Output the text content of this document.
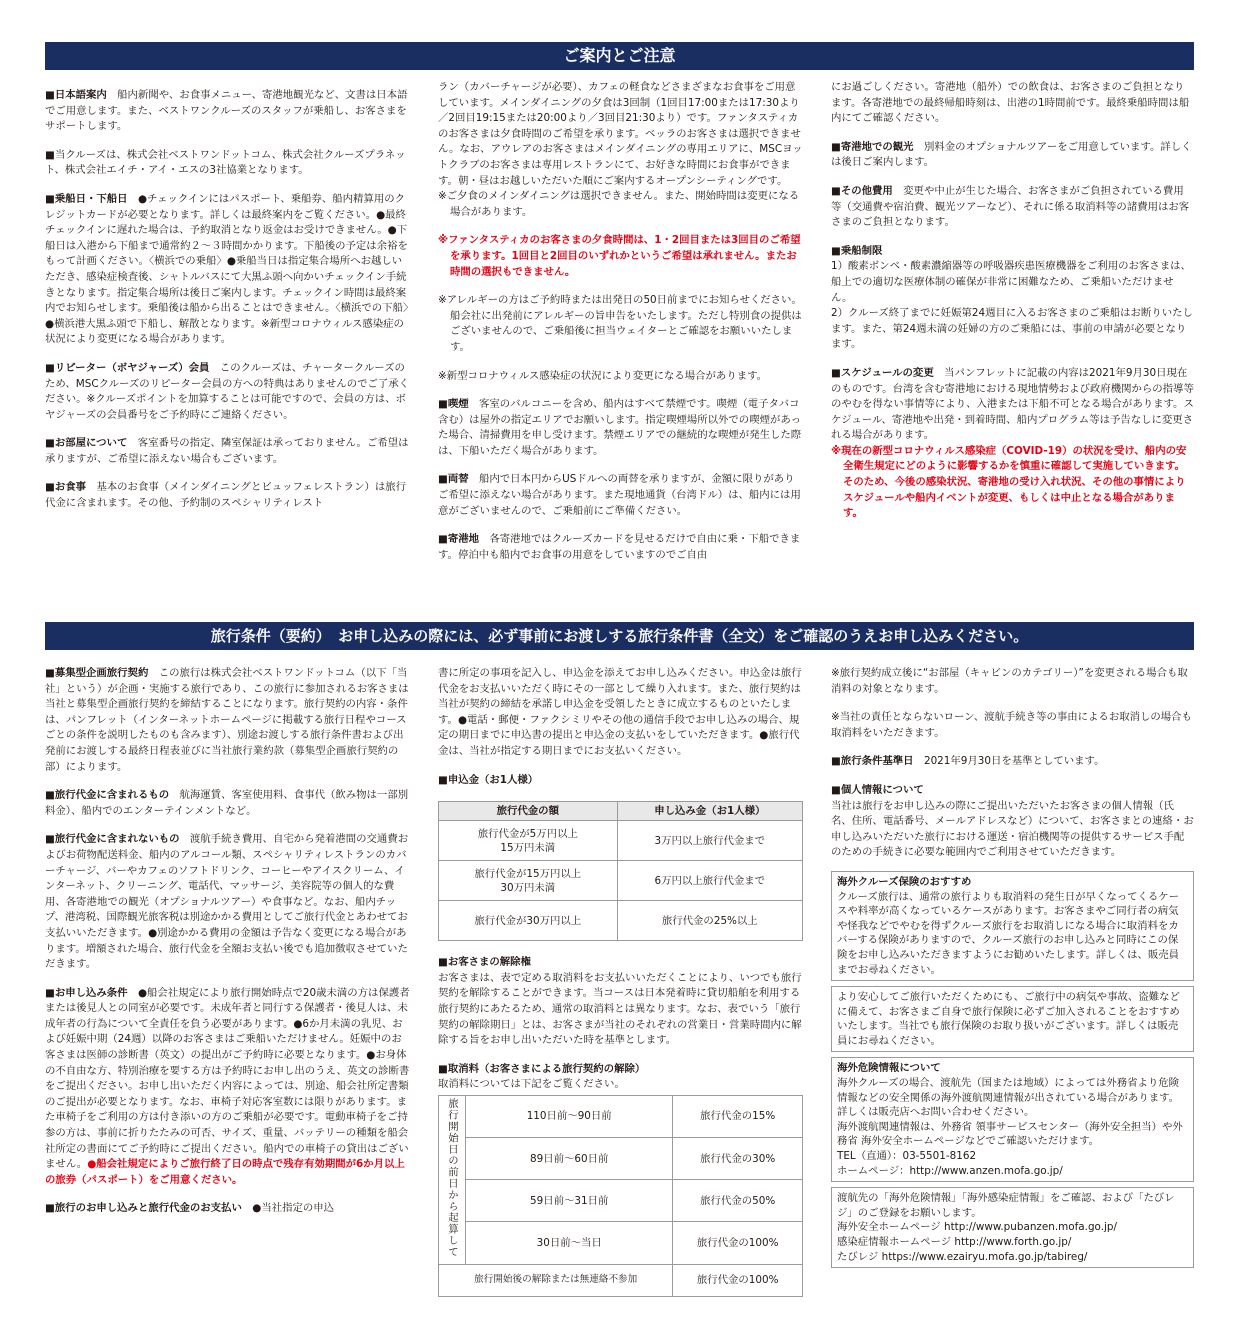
ご案内とご注意

■日本語案内　船内新聞や、お食事メニュー、寄港地観光など、文書は日本語でご用意します。また、ベストワンクルーズのスタッフが乗船し、お客さまをサポートします。

■当クルーズは、株式会社ベストワンドットコム、株式会社クルーズプラネット、株式会社エイチ・アイ・エスの3社協業となります。

■乗船日・下船日　●チェックインにはパスポート、乗船券、船内精算用のクレジットカードが必要となります。詳しくは最終案内をご覧ください。●最終チェックインに遅れた場合は、予約取消となり返金はお受けできません。●下船日は入港から下船まで通常約２～３時間かかります。下船後の予定は余裕をもって計画ください。〈横浜での乗船〉●乗船当日は指定集合場所へお越しいただき、感染症検査後、シャトルバスにて大黒ふ頭へ向かいチェックイン手続きとなります。指定集合場所は後日ご案内します。チェックイン時間は最終案内でお知らせします。乗船後は船から出ることはできません。〈横浜での下船〉●横浜港大黒ふ頭で下船し、解散となります。※新型コロナウィルス感染症の状況により変更になる場合があります。

■リピーター（ボヤジャーズ）会員　このクルーズは、チャータークルーズのため、MSCクルーズのリピーター会員の方への特典はありませんのでご了承ください。※クルーズポイントを加算することは可能ですので、会員の方は、ボヤジャーズの会員番号をご予約時にご連絡ください。

■お部屋について　客室番号の指定、隣室保証は承っておりません。ご希望は承りますが、ご希望に添えない場合もございます。

■お食事　基本のお食事（メインダイニングとビュッフェレストラン）は旅行代金に含まれます。その他、予約制のスペシャリティレスト

ラン（カバーチャージが必要）、カフェの軽食などさまざまなお食事をご用意しています。メインダイニングの夕食は3回制（1回目17:00または17:30より／2回目19:15または20:00より／3回目21:30より）です。ファンタスティカのお客さまは夕食時間のご希望を承ります。ベッラのお客さまは選択できません。なお、アウレアのお客さまはメインダイニングの専用エリアに、MSCヨットクラブのお客さまは専用レストランにて、お好きな時間にお食事ができます。朝・昼はお越しいただいた順にご案内するオープンシーティングです。

※ご夕食のメインダイニングは選択できません。また、開始時間は変更になる場合があります。

※ファンタスティカのお客さまの夕食時間は、1・2回目または3回目のご希望を承ります。1回目と2回目のいずれかというご希望は承れません。またお時間の選択もできません。

※アレルギーの方はご予約時または出発日の50日前までにお知らせください。船会社に出発前にアレルギーの旨申告をいたします。ただし特別食の提供はございませんので、ご乗船後に担当ウェイターとご確認をお願いいたします。

※新型コロナウィルス感染症の状況により変更になる場合があります。

■喫煙　客室のバルコニーを含め、船内はすべて禁煙です。喫煙（電子タバコ含む）は屋外の指定エリアでお願いします。指定喫煙場所以外での喫煙があった場合、清掃費用を申し受けます。禁煙エリアでの継続的な喫煙が発生した際は、下船いただく場合があります。

■両替　船内で日本円からUSドルへの両替を承りますが、金額に限りがありご希望に添えない場合があります。また現地通貨（台湾ドル）は、船内には用意がございませんので、ご乗船前にご準備ください。

■寄港地　各寄港地ではクルーズカードを見せるだけで自由に乗・下船できます。停泊中も船内でお食事の用意をしていますのでご自由

にお過ごしください。寄港地（船外）での飲食は、お客さまのご負担となります。各寄港地での最終帰船時刻は、出港の1時間前です。最終乗船時間は船内にてご確認ください。

■寄港地での観光　別料金のオプショナルツアーをご用意しています。詳しくは後日ご案内します。

■その他費用　変更や中止が生じた場合、お客さまがご負担されている費用等（交通費や宿泊費、観光ツアーなど）、それに係る取消料等の諸費用はお客さまのご負担となります。

■乗船制限

1）酸素ボンベ・酸素濃縮器等の呼吸器疾患医療機器をご利用のお客さまは、船上での適切な医療体制の確保が非常に困難なため、ご乗船いただけません。

2）クルーズ終了までに妊娠第24週目に入るお客さまのご乗船はお断りいたします。また、第24週未満の妊婦の方のご乗船には、事前の申請が必要となります。

■スケジュールの変更　当パンフレットに記載の内容は2021年9月30日現在のものです。台湾を含む寄港地における現地情勢および政府機関からの指導等のやむを得ない事情等により、入港または下船不可となる場合があります。スケジュール、寄港地や出発・到着時間、船内プログラム等は予告なしに変更される場合があります。

※現在の新型コロナウィルス感染症（COVID-19）の状況を受け、船内の安全衛生規定にどのように影響するかを慎重に確認して実施していきます。そのため、今後の感染状況、寄港地の受け入れ状況、その他の事情によりスケジュールや船内イベントが変更、もしくは中止となる場合があります。

旅行条件（要約）　お申し込みの際には、必ず事前にお渡しする旅行条件書（全文）をご確認のうえお申し込みください。

■募集型企画旅行契約　この旅行は株式会社ベストワンドットコム（以下「当社」という）が企画・実施する旅行であり、この旅行に参加されるお客さまは当社と募集型企画旅行契約を締結することになります。旅行契約の内容・条件は、パンフレット（インターネットホームページに掲載する旅行日程やコースごとの条件を説明したものも含みます）、別途お渡しする旅行条件書および出発前にお渡しする最終日程表並びに当社旅行業約款（募集型企画旅行契約の部）によります。

■旅行代金に含まれるもの　航海運賃、客室使用料、食事代（飲み物は一部別料金）、船内でのエンターテインメントなど。

■旅行代金に含まれないもの　渡航手続き費用、自宅から発着港間の交通費およびお荷物配送料金、船内のアルコール類、スペシャリティレストランのカバーチャージ、バーやカフェのソフトドリンク、コーヒーやアイスクリーム、インターネット、クリーニング、電話代、マッサージ、美容院等の個人的な費用、各寄港地での観光（オプショナルツアー）や食事など。なお、船内チップ、港湾税、国際観光旅客税は別途かかる費用としてご旅行代金とあわせてお支払いいただきます。●別途かかる費用の金額は予告なく変更になる場合があります。増額された場合、旅行代金を全額お支払い後でも追加徴収させていただきます。

■お申し込み条件　●船会社規定により旅行開始時点で20歳未満の方は保護者または後見人との同室が必要です。未成年者と同行する保護者・後見人は、未成年者の行為について全責任を負う必要があります。●6か月未満の乳児、および妊娠中期（24週）以降のお客さまはご乗船いただけません。妊娠中のお客さまは医師の診断書（英文）の提出がご予約時に必要となります。●お身体の不自由な方、特別治療を要する方は予約時にお申し出のうえ、英文の診断書をご提出ください。お申し出いただく内容によっては、別途、船会社所定書類のご提出が必要となります。なお、車椅子対応客室数には限りがあります。また車椅子をご利用の方は付き添いの方のご乗船が必要です。電動車椅子をご持参の方は、事前に折りたたみの可否、サイズ、重量、バッテリーの種類を船会社所定の書面にてご予約時にご提出ください。船内での車椅子の貸出はございません。●船会社規定によりご旅行終了日の時点で残存有効期間が6か月以上の旅券（パスポート）をご用意ください。

■旅行のお申し込みと旅行代金のお支払い　●当社指定の申込

書に所定の事項を記入し、申込金を添えてお申し込みください。申込金は旅行代金をお支払いいただく時にその一部として繰り入れます。また、旅行契約は当社が契約の締結を承諾し申込金を受領したときに成立するものといたします。●電話・郵便・ファクシミリやその他の通信手段でお申し込みの場合、規定の期日までに申込書の提出と申込金の支払いをしていただきます。●旅行代金は、当社が指定する期日までにお支払いください。

■申込金（お1人様）

旅行代金の額	申し込み金（お1人様）
旅行代金が5万円以上
15万円未満	3万円以上旅行代金まで
旅行代金が15万円以上
30万円未満	6万円以上旅行代金まで
旅行代金が30万円以上	旅行代金の25%以上

■お客さまの解除権
お客さまは、表で定める取消料をお支払いいただくことにより、いつでも旅行契約を解除することができます。当コースは日本発着時に貸切船舶を利用する旅行契約にあたるため、通常の取消料とは異なります。なお、表でいう「旅行契約の解除期日」とは、お客さまが当社のそれぞれの営業日・営業時間内に解除する旨をお申し出いただいた時を基準とします。

■取消料（お客さまによる旅行契約の解除）

取消料については下記をご覧ください。

旅行開始日の前日から起算して	110日前～90日前	旅行代金の15%
	89日前～60日前	旅行代金の30%
	59日前～31日前	旅行代金の50%
	30日前～当日	旅行代金の100%
旅行開始後の解除または無連絡不参加		旅行代金の100%

※旅行契約成立後に“お部屋（キャビンのカテゴリー）”を変更される場合も取消料の対象となります。

※当社の責任とならないローン、渡航手続き等の事由によるお取消しの場合も取消料をいただきます。

■旅行条件基準日　2021年9月30日を基準としています。

■個人情報について
当社は旅行をお申し込みの際にご提出いただいたお客さまの個人情報（氏名、住所、電話番号、メールアドレスなど）について、お客さまとの連絡・お申し込みいただいた旅行における運送・宿泊機関等の提供するサービス手配のための手続きに必要な範囲内でご利用させていただきます。

海外クルーズ保険のおすすめ
クルーズ旅行は、通常の旅行よりも取消料の発生日が早くなってくるケースや料率が高くなっているケースがあります。お客さまやご同行者の病気や怪我などでやむを得ずクルーズ旅行をお取消しになる場合に取消料をカバーする保険がありますので、クルーズ旅行のお申し込みと同時にこの保険をお申し込みいただきますようにお勧めいたします。詳しくは、販売員までお尋ねください。
より安心してご旅行いただくためにも、ご旅行中の病気や事故、盗難などに備えて、お客さまご自身で旅行保険に必ずご加入されることをおすすめいたします。当社でも旅行保険のお取り扱いがございます。詳しくは販売員にお尋ねください。
海外危険情報について
海外クルーズの場合、渡航先（国または地域）によっては外務省より危険情報などの安全関係の海外渡航関連情報が出されている場合があります。詳しくは販売店へお問い合わせください。
海外渡航関連情報は、外務省 領事サービスセンター（海外安全担当）や外務省 海外安全ホームページなどでご確認いただけます。
TEL（直通）：03-5501-8162
ホームページ：http://www.anzen.mofa.go.jp/
渡航先の「海外危険情報」「海外感染症情報」をご確認、および「たびレジ」のご登録をお願いします。
海外安全ホームページ http://www.pubanzen.mofa.go.jp/
感染症情報ホームページ http://www.forth.go.jp/
たびレジ https://www.ezairyu.mofa.go.jp/tabireg/
